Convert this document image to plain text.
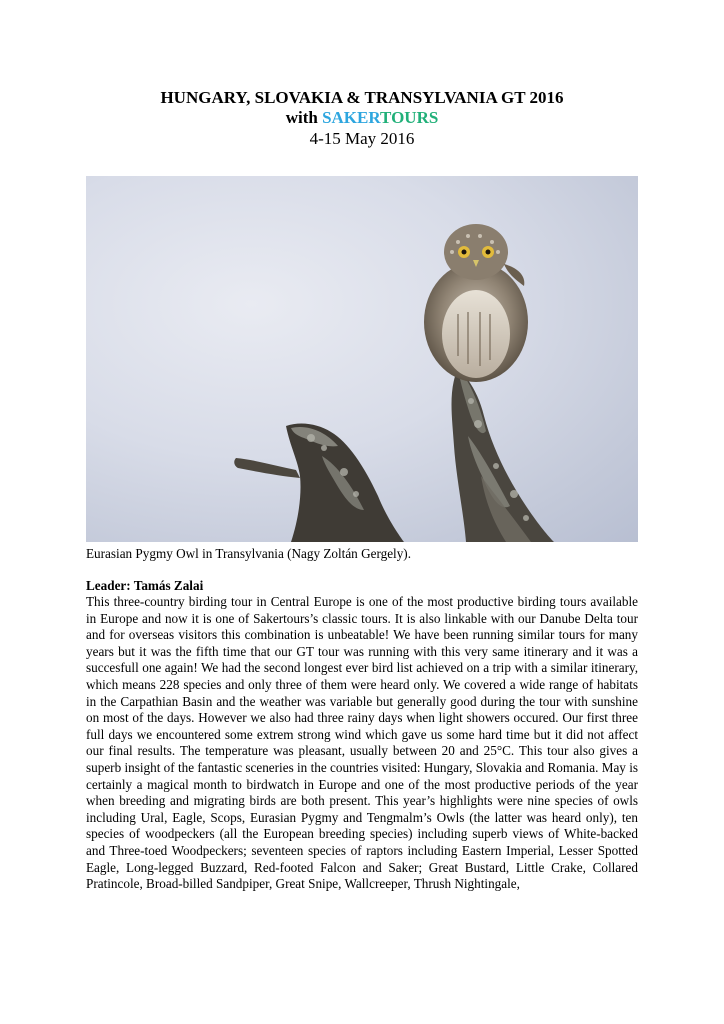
HUNGARY, SLOVAKIA & TRANSYLVANIA GT 2016

with SAKERTOURS

4-15 May 2016

Eurasian Pygmy Owl in Transylvania (Nagy Zoltán Gergely).
Leader: Tamás Zalai

This three-country birding tour in Central Europe is one of the most productive birding tours available in Europe and now it is one of Sakertours’s classic tours. It is also linkable with our Danube Delta tour and for overseas visitors this combination is unbeatable! We have been running similar tours for many years but it was the fifth time that our GT tour was running with this very same itinerary and it was a succesfull one again! We had the second longest ever bird list achieved on a trip with a similar itinerary, which means 228 species and only three of them were heard only. We covered a wide range of habitats in the Carpathian Basin and the weather was variable but generally good during the tour with sunshine on most of the days. However we also had three rainy days when light showers occured. Our first three full days we encountered some extrem strong wind which gave us some hard time but it did not affect our final results. The temperature was pleasant, usually between 20 and 25°C. This tour also gives a superb insight of the fantastic sceneries in the countries visited: Hungary, Slovakia and Romania. May is certainly a magical month to birdwatch in Europe and one of the most productive periods of the year when breeding and migrating birds are both present. This year’s highlights were nine species of owls including Ural, Eagle, Scops, Eurasian Pygmy and Tengmalm’s Owls (the latter was heard only), ten species of woodpeckers (all the European breeding species) including superb views of White-backed and Three-toed Woodpeckers; seventeen species of raptors including Eastern Imperial, Lesser Spotted Eagle, Long-legged Buzzard, Red-footed Falcon and Saker; Great Bustard, Little Crake, Collared Pratincole, Broad-billed Sandpiper, Great Snipe, Wallcreeper, Thrush Nightingale,
